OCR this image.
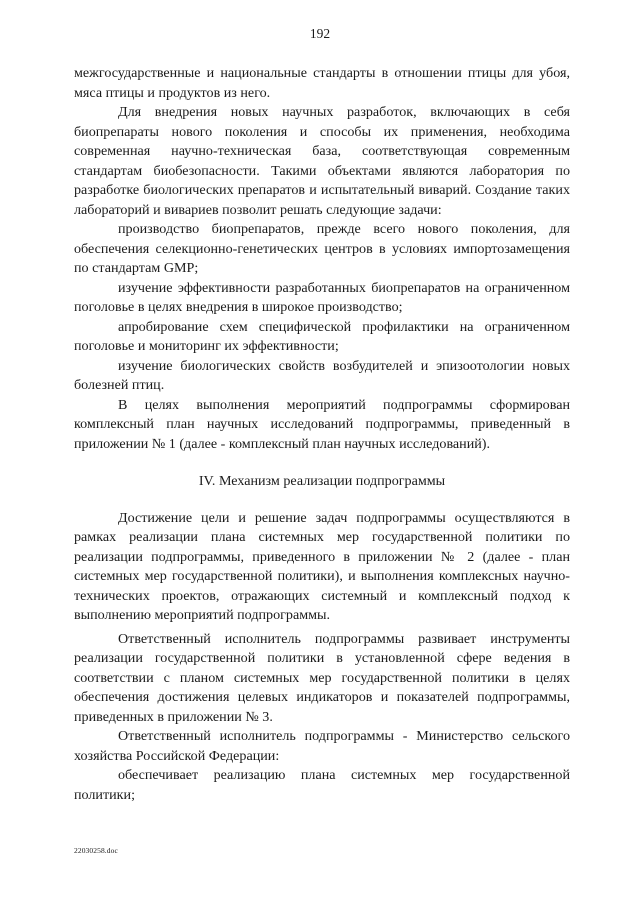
192

межгосударственные и национальные стандарты в отношении птицы для убоя, мяса птицы и продуктов из него.

Для внедрения новых научных разработок, включающих в себя биопрепараты нового поколения и способы их применения, необходима современная научно-техническая база, соответствующая современным стандартам биобезопасности. Такими объектами являются лаборатория по разработке биологических препаратов и испытательный виварий. Создание таких лабораторий и вивариев позволит решать следующие задачи:

производство биопрепаратов, прежде всего нового поколения, для обеспечения селекционно-генетических центров в условиях импортозамещения по стандартам GMP;

изучение эффективности разработанных биопрепаратов на ограниченном поголовье в целях внедрения в широкое производство;

апробирование схем специфической профилактики на ограниченном поголовье и мониторинг их эффективности;

изучение биологических свойств возбудителей и эпизоотологии новых болезней птиц.

В целях выполнения мероприятий подпрограммы сформирован комплексный план научных исследований подпрограммы, приведенный в приложении № 1 (далее - комплексный план научных исследований).

IV. Механизм реализации подпрограммы

Достижение цели и решение задач подпрограммы осуществляются в рамках реализации плана системных мер государственной политики по реализации подпрограммы, приведенного в приложении № 2 (далее - план системных мер государственной политики), и выполнения комплексных научно-технических проектов, отражающих системный и комплексный подход к выполнению мероприятий подпрограммы.

Ответственный исполнитель подпрограммы развивает инструменты реализации государственной политики в установленной сфере ведения в соответствии с планом системных мер государственной политики в целях обеспечения достижения целевых индикаторов и показателей подпрограммы, приведенных в приложении № 3.

Ответственный исполнитель подпрограммы - Министерство сельского хозяйства Российской Федерации:

обеспечивает реализацию плана системных мер государственной политики;

22030258.doc
